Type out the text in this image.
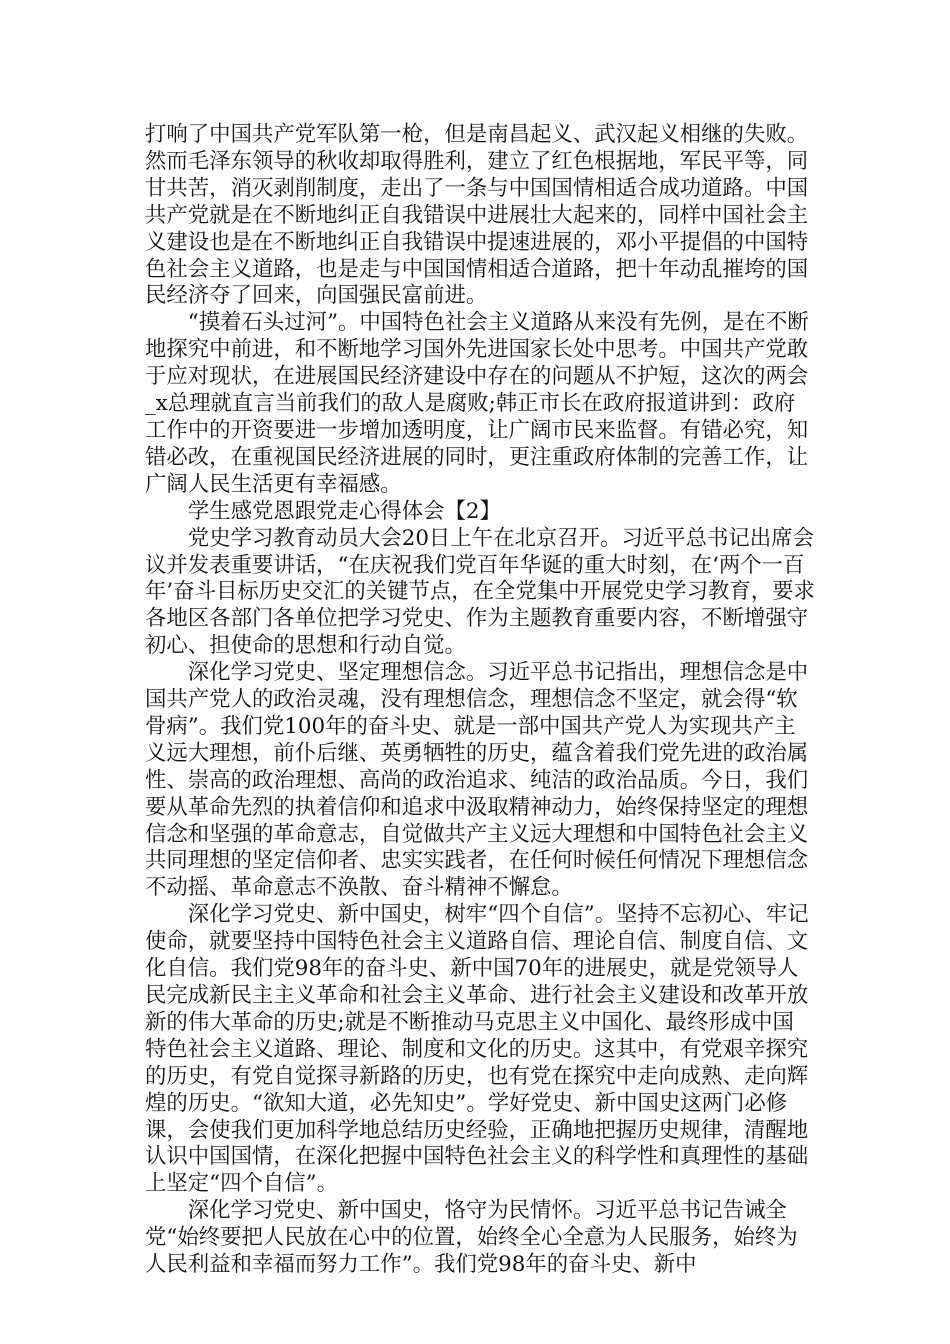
打响了中国共产党军队第一枪，但是南昌起义、武汉起义相继的失败。然而毛泽东领导的秋收却取得胜利，建立了红色根据地，军民平等，同甘共苦，消灭剥削制度，走出了一条与中国国情相适合成功道路。中国共产党就是在不断地纠正自我错误中进展壮大起来的，同样中国社会主义建设也是在不断地纠正自我错误中提速进展的，邓小平提倡的中国特色社会主义道路，也是走与中国国情相适合道路，把十年动乱摧垮的国民经济夺了回来，向国强民富前进。

“摸着石头过河”。中国特色社会主义道路从来没有先例，是在不断地探究中前进，和不断地学习国外先进国家长处中思考。中国共产党敢于应对现状，在进展国民经济建设中存在的问题从不护短，这次的两会_x总理就直言当前我们的敌人是腐败;韩正市长在政府报道讲到：政府工作中的开资要进一步增加透明度，让广阔市民来监督。有错必究，知错必改，在重视国民经济进展的同时，更注重政府体制的完善工作，让广阔人民生活更有幸福感。

学生感党恩跟党走心得体会【2】

党史学习教育动员大会20日上午在北京召开。习近平总书记出席会议并发表重要讲话，“在庆祝我们党百年华诞的重大时刻，在‘两个一百年’奋斗目标历史交汇的关键节点，在全党集中开展党史学习教育，要求各地区各部门各单位把学习党史、作为主题教育重要内容，不断增强守初心、担使命的思想和行动自觉。

深化学习党史、坚定理想信念。习近平总书记指出，理想信念是中国共产党人的政治灵魂，没有理想信念，理想信念不坚定，就会得“软骨病”。我们党100年的奋斗史、就是一部中国共产党人为实现共产主义远大理想，前仆后继、英勇牺牲的历史，蕴含着我们党先进的政治属性、崇高的政治理想、高尚的政治追求、纯洁的政治品质。今日，我们要从革命先烈的执着信仰和追求中汲取精神动力，始终保持坚定的理想信念和坚强的革命意志，自觉做共产主义远大理想和中国特色社会主义共同理想的坚定信仰者、忠实实践者，在任何时候任何情况下理想信念不动摇、革命意志不涣散、奋斗精神不懈怠。

深化学习党史、新中国史，树牢“四个自信”。坚持不忘初心、牢记使命，就要坚持中国特色社会主义道路自信、理论自信、制度自信、文化自信。我们党98年的奋斗史、新中国70年的进展史，就是党领导人民完成新民主主义革命和社会主义革命、进行社会主义建设和改革开放新的伟大革命的历史;就是不断推动马克思主义中国化、最终形成中国特色社会主义道路、理论、制度和文化的历史。这其中，有党艰辛探究的历史，有党自觉探寻新路的历史，也有党在探究中走向成熟、走向辉煌的历史。“欲知大道，必先知史”。学好党史、新中国史这两门必修课，会使我们更加科学地总结历史经验，正确地把握历史规律，清醒地认识中国国情，在深化把握中国特色社会主义的科学性和真理性的基础上坚定“四个自信”。

深化学习党史、新中国史，恪守为民情怀。习近平总书记告诫全党“始终要把人民放在心中的位置，始终全心全意为人民服务，始终为人民利益和幸福而努力工作”。我们党98年的奋斗史、新中
